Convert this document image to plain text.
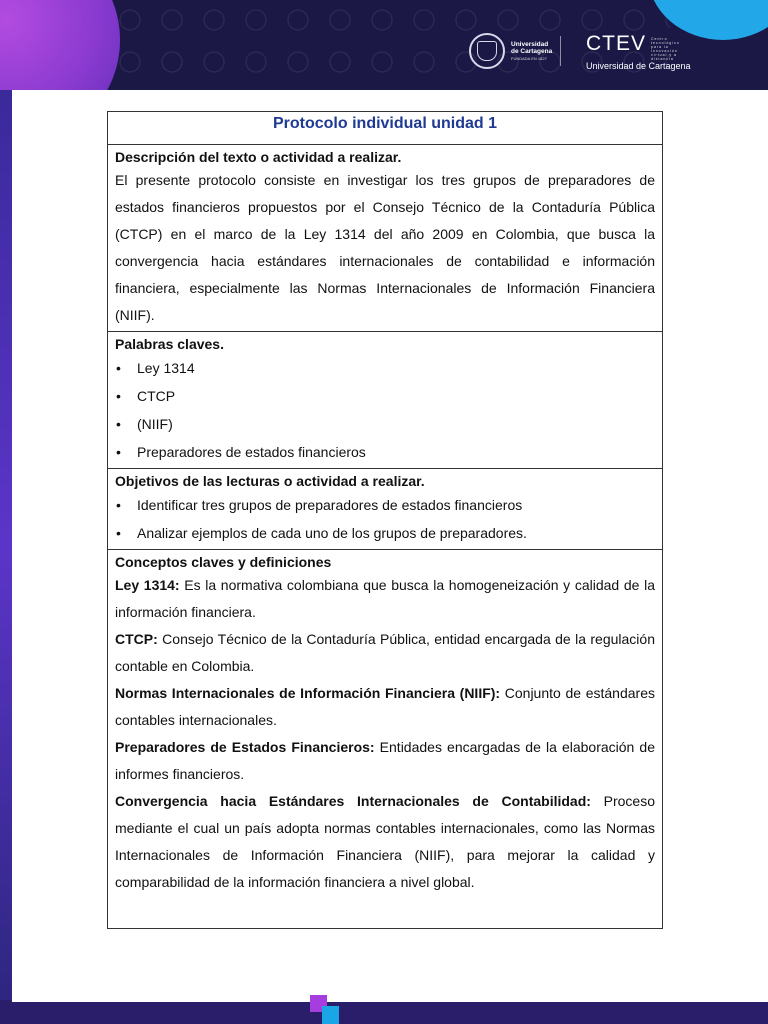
Universidad
de Cartagena
FUNDADA EN 1827
CTEV Centro tecnológico para la innovación virtual y a distancia
Universidad de Cartagena
Protocolo individual unidad 1

Descripción del texto o actividad a realizar.

El presente protocolo consiste en investigar los tres grupos de preparadores de estados financieros propuestos por el Consejo Técnico de la Contaduría Pública (CTCP) en el marco de la Ley 1314 del año 2009 en Colombia, que busca la convergencia hacia estándares internacionales de contabilidad e información financiera, especialmente las Normas Internacionales de Información Financiera (NIIF).

Palabras claves.
• Ley 1314
• CTCP
• (NIIF)
• Preparadores de estados financieros

Objetivos de las lecturas o actividad a realizar.
• Identificar tres grupos de preparadores de estados financieros
• Analizar ejemplos de cada uno de los grupos de preparadores.

Conceptos claves y definiciones

Ley 1314: Es la normativa colombiana que busca la homogeneización y calidad de la información financiera.

CTCP: Consejo Técnico de la Contaduría Pública, entidad encargada de la regulación contable en Colombia.

Normas Internacionales de Información Financiera (NIIF): Conjunto de estándares contables internacionales.

Preparadores de Estados Financieros: Entidades encargadas de la elaboración de informes financieros.

Convergencia hacia Estándares Internacionales de Contabilidad: Proceso mediante el cual un país adopta normas contables internacionales, como las Normas Internacionales de Información Financiera (NIIF), para mejorar la calidad y comparabilidad de la información financiera a nivel global.
